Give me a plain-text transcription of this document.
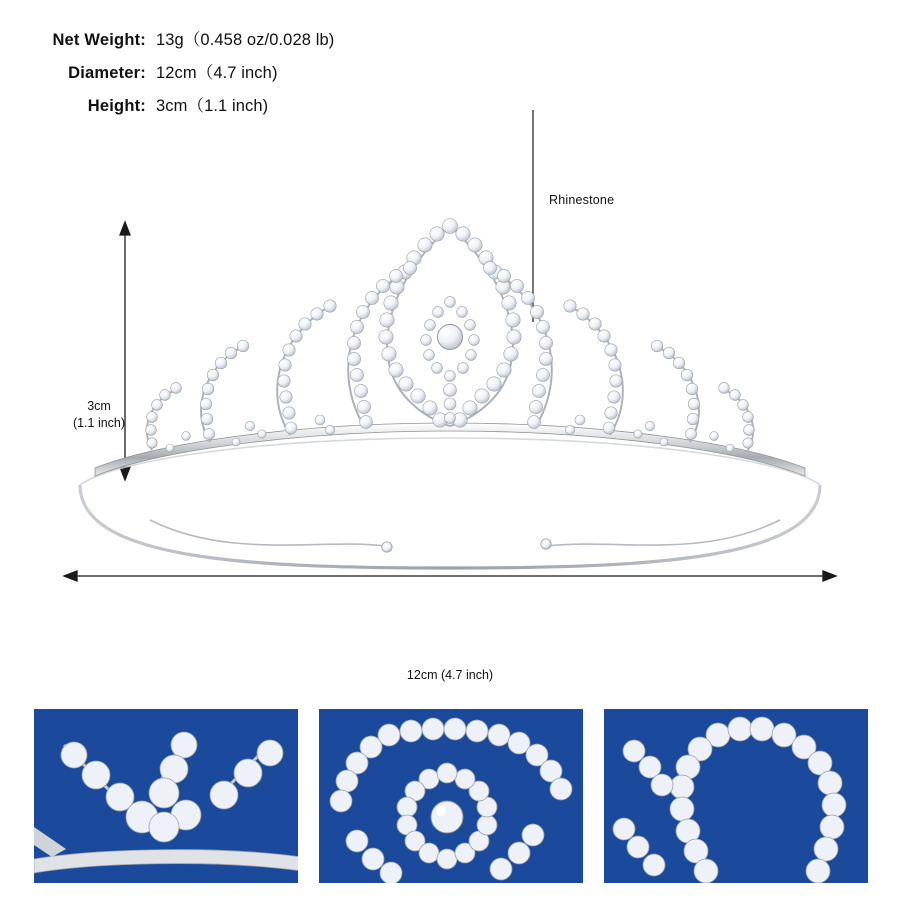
Net Weight: 13g（0.458 oz/0.028 lb)
Diameter: 12cm（4.7 inch)
Height: 3cm（1.1 inch)
Rhinestone
3cm
(1.1 inch)
12cm (4.7 inch)
